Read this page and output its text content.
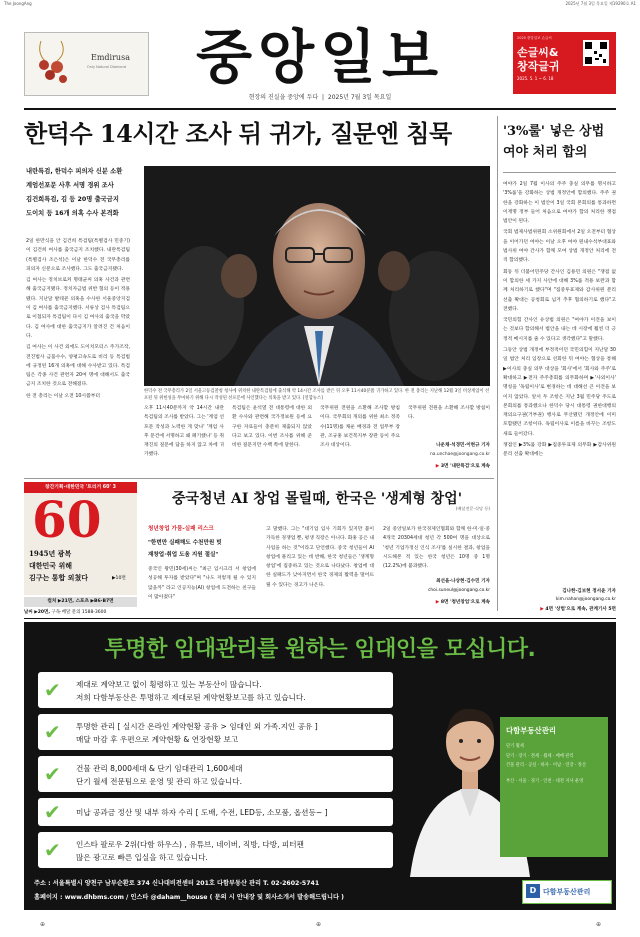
The JoongAng	2025년 7월 3일 목요일 제19290호 A1
Emdirusa
Only Natural Diamond	중앙일보
현장의 진실을 중앙에 두다  |  2025년 7월 3일 목요일
2025 중앙일보 손글씨
손글씨&
창작글귀
2025. 5. 1 ~ 6. 18
한덕수 14시간 조사 뒤 귀가, 질문엔 침묵
내란특검, 한덕수 피의자 신분 소환
계엄선포문 사후 서명 경위 조사
김건희특검, 김 등 20명 출국금지
도이치 등 16개 의혹 수사 본격화

2일 한만식을 안 김건희 특검팀(특별검사 민중기)이 김건희 여사를 출국금지 조치했다. 내란특검팀(특별검사 조은석)은 이날 한덕수 전 국무총리를 피의자 신분으로 조사했다. 그도 출국금지됐다.

김 여사는 정치브로커 명태균씨 의혹 사건과 관련해 출국금지됐다. 정치자금법 위반 혐의 등이 적용됐다. 지난달 발테굔 의혹을 수사한 서울중앙지검이 김 여사를 출국금지했다. 서류상 검사 특검팀으로 이첩되자 특검팀이 다시 김 여사의 출국을 막았다. 김 여사에 대한 출국금지가 알려진 건 처음이다.

김 여사는 이 사건 외에도 도이치모터스 주가조작, 전진법사 금품수수, 양평고속도로 비리 등 특검법에 규정된 16개 의혹에 대해 수사받고 있다. 특검팀은 각종 사건 관련자 20여 명에 대해서도 출국금지 조치한 것으로 전해졌다.

한 전 총리는 이날 오전 10시쯤부터

한덕수 전 국무총리가 2일 서울고등검찰청 청사에 위치한 내란특검팀에 출석해 약 14시간 조사를 받은 뒤 오후 11시40분쯤 귀가하고 있다. 한 전 총리는 지난해 12월 3일 비상계엄이 선포된 뒤 위헌성을 무마하기 위해 다시 작성된 선포문에 사인했다는 의혹을 받고 있다. [연합뉴스]
오후 11시40분까지 약 14시간 내란 특검팀의 조사를 받았다. 그는 '계엄 선포문 작성과 노력한 게 맞나' '계엄 사후 문건에 서명하고 왜 폐기했나' 등 취재진의 질문에 답을 하지 않고 차에 귀가했다.
특검팀은 윤석열 전 대통령에 대한 외환 수사와 관련해 국가정보원 등에 요구한 자료들이 충분히 제출되지 않았다고 보고 있다. 이번 조사를 위해 준비한 질문지만 수백 쪽에 달한다.
국무위원 전원을 소환해 조사할 방침이다. 국무회의 개의를 위한 최소 정족수(11명)를 채운 배경과 전 업무부 장관, 조규홍 보건복지부 장관 등이 주요 조사 대상이다.
국무위원 전원을 소환해 조사할 방침이다.
나운채·석경민·이현규 기자
na.unchae@joongang.co.kr
▶ 3면 '내란특검'으로 계속
'3%룰' 넣은 상법
여야 처리 합의

여야가 2일 7월 이사의 주주 충실 의무를 명시하고 '3%룰'을 강화하는 상법 개정안에 합의했다. 주주 권한을 강화하는 이 법안이 3일 국회 본회의를 통과하면 이재명 정부 들어 처음으로 여야가 합의 처리한 쟁점 법안이 된다.

국회 법제사법위원회 소위원회에서 2일 오전부터 협상을 이어가던 여야는 이날 오후 여야 원내수석부대표와 법사위 여야 간사가 함께 모여 상법 개정안 처리에 전격 합의했다.

회동 뒤 더불어민주당 간사인 김용민 의원은 "쟁점 없이 합의한 세 가지 사안에 대해 3%룰 적용 보완과 함께 처리하기로 했다"며 "집중투표제와 감사위원 분리선출 확대는 공청회로 넘겨 추후 협의하기로 했다"고 전했다.

국민의힘 간사인 유상범 의원은 "여야가 이견을 보이는 것보다 합의해서 법안을 내는 데 시장에 훨씬 더 긍정적 메시지를 줄 수 있다고 생각했다"고 말했다.

그동안 상법 개정에 부정적이던 국민의힘이 지난달 30일 법안 처리 입장으로 선회한 뒤 여야는 협상을 통해 ▶이사의 충실 의무 대상을 '회사'에서 '회사와 주주'로 확대하고 ▶전자 주주총회를 의무화하며 ▶'사외이사' 명칭을 '독립이사'로 변경하는 데 대해선 큰 이견을 보이지 않았다. 앞서 두 조항은 지난 3월 민주당 주도로 본회의를 통과했으나 한덕수 당시 대통령 권한대행의 재의요구권(거부권) 행사로 무산됐던 개정안에 이미 포함됐던 조항이다. 독립이사로 이름을 바꾸는 조항도 새로 들어갔다.

쟁점인 ▶3%룰 강화 ▶집중투표제 의무화 ▶감사위원 분리 선출 확대에는

김나한·김보현 정서윤 기자
kim.nahan@joongang.co.kr
▶ 4면 '상법'으로 계속, 관계기사 5면
창간기획-대한민국 '트리거 60' 3
60
1945년 광복
대한민국 위해
김구는 통합 외쳤다	▶10면
컬처 ▶21면, 스포츠 ▶B6·B7면
날씨 ▶20면, 구독·배달 문의 1588-3600
중국청년 AI 창업 몰릴때, 한국은 '생계형 창업'
(배달전문·식당 등)
청년창업 가뭄-실패 리스크
"한번만 실패해도 수천만원 빚
재창업·취업 도움 지원 절실"
중국인 왕민(30세)씨는 "최근 입시크리 서 창업에 성공해 투자를 받았다"며 "나도 저렇게 될 수 있지 않을까" 라고 인공지능(AI) 창업에 도전하는 친구들이 많아졌다"
고 말했다. 그는 "대기업 입사 기회가 있지만 불이 가득한 경쟁업 뿐, 평생 직장은 아니다. 화홍 공은 내 사업을 하는 것"이라고 단언했다. 중국 청년들이 AI 창업에 몰리고 있는 데 반해, 한국 청년들은 '생계형 창업'에 집중하고 있는 것으로 나타났다. 창업에 대한 실패도가 낮아지면서 한국 경제의 활력을 떨어뜨릴 수 있다는 경고가 나온다.
2일 중앙일보가 한국경제인협회와 함께 한·미·일·중 4개국 20304세대 청년 각 500여 명을 대상으로 '청년 기업가정신 인식 조사'를 실시한 결과, 창업을 시도해본 적 있는 한국 청년은 10명 중 1명(12.2%)에 불과했다.
최선을·나상현·김수민 기자
choi.suneul@joongang.co.kr
▶ 8면 '청년창업'으로 계속
투명한 임대관리를 원하는 임대인을 모십니다.
✔ 제대로 계약보고 없이 횡령하고 있는 부동산이 많습니다.
저희 다함부동산은 투명하고 제대로된 계약현황보고를 하고 있습니다.
✔ 투명한 관리 [ 실시간 온라인 계약현황 공유 > 임대인 외 가족.지인 공유 ]
매달 마감 후 우편으로 계약현황 & 연장현황 보고
✔ 건물 관리 8,000세대 & 단기 임대관리 1,600세대
단기 월세 전문팀으로 운영 및 관리 하고 있습니다.
✔ 미납 공과금 정산 및 내부 하자 수리 [ 도배, 수전, LED등, 소모품, 옵션등~ ]
✔ 인스타 팔로우 2위(다함 하우스) , 유튜브, 네이버, 직방, 다방, 피터팬
많은 광고로 빠른 입실을 하고 있습니다.
다함부동산관리
단기 월세
단기 · 장기 · 전세 · 월세 · 매매 관리
건물 관리 · 공실 · 하자 · 미납 · 연장 · 정산
부산 · 서울 · 경기 · 인천 · 대전 지사 운영
주소 : 서울특별시 양천구 남부순환로 374 신나대비전센터 201호 다함부동산 관리 T. 02-2602-5741
홈페이지 : www.dhbms.com / 인스타 @daham__house ( 문의 시 안내장 및 회사소개서 발송해드립니다 )
D 다함부동산관리
⊕	⊕	⊕
